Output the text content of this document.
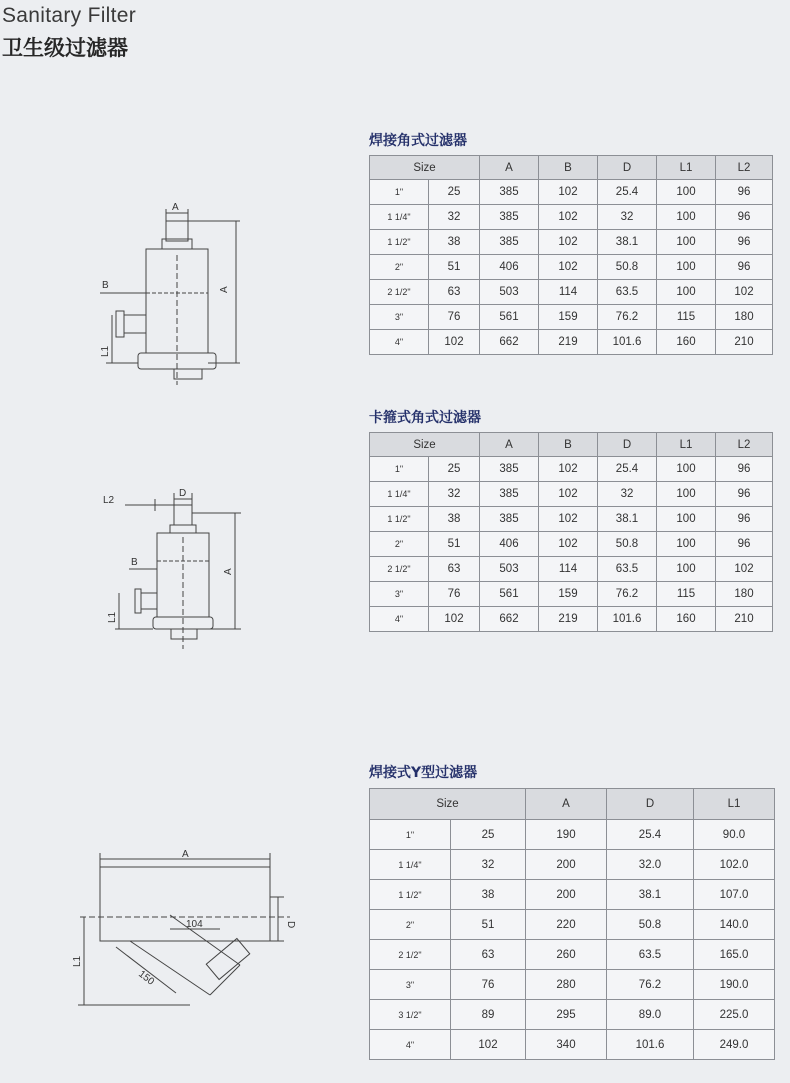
Sanitary Filter
卫生级过滤器
焊接角式过滤器
A
B	A
L1
Size		A	B	D	L1	L2
1"	25	385	102	25.4	100	96
1 1/4"	32	385	102	32	100	96
1 1/2"	38	385	102	38.1	100	96
2"	51	406	102	50.8	100	96
2 1/2"	63	503	114	63.5	100	102
3"	76	561	159	76.2	115	180
4"	102	662	219	101.6	160	210
卡箍式角式过滤器
L2
D
B
A
L1
Size		A	B	D	L1	L2
1"	25	385	102	25.4	100	96
1 1/4"	32	385	102	32	100	96
1 1/2"	38	385	102	38.1	100	96
2"	51	406	102	50.8	100	96
2 1/2"	63	503	114	63.5	100	102
3"	76	561	159	76.2	115	180
4"	102	662	219	101.6	160	210
焊接式Y型过滤器
A
D
104
L1
150
Size		A	D	L1
1"	25	190	25.4	90.0
1 1/4"	32	200	32.0	102.0
1 1/2"	38	200	38.1	107.0
2"	51	220	50.8	140.0
2 1/2"	63	260	63.5	165.0
3"	76	280	76.2	190.0
3 1/2"	89	295	89.0	225.0
4"	102	340	101.6	249.0
